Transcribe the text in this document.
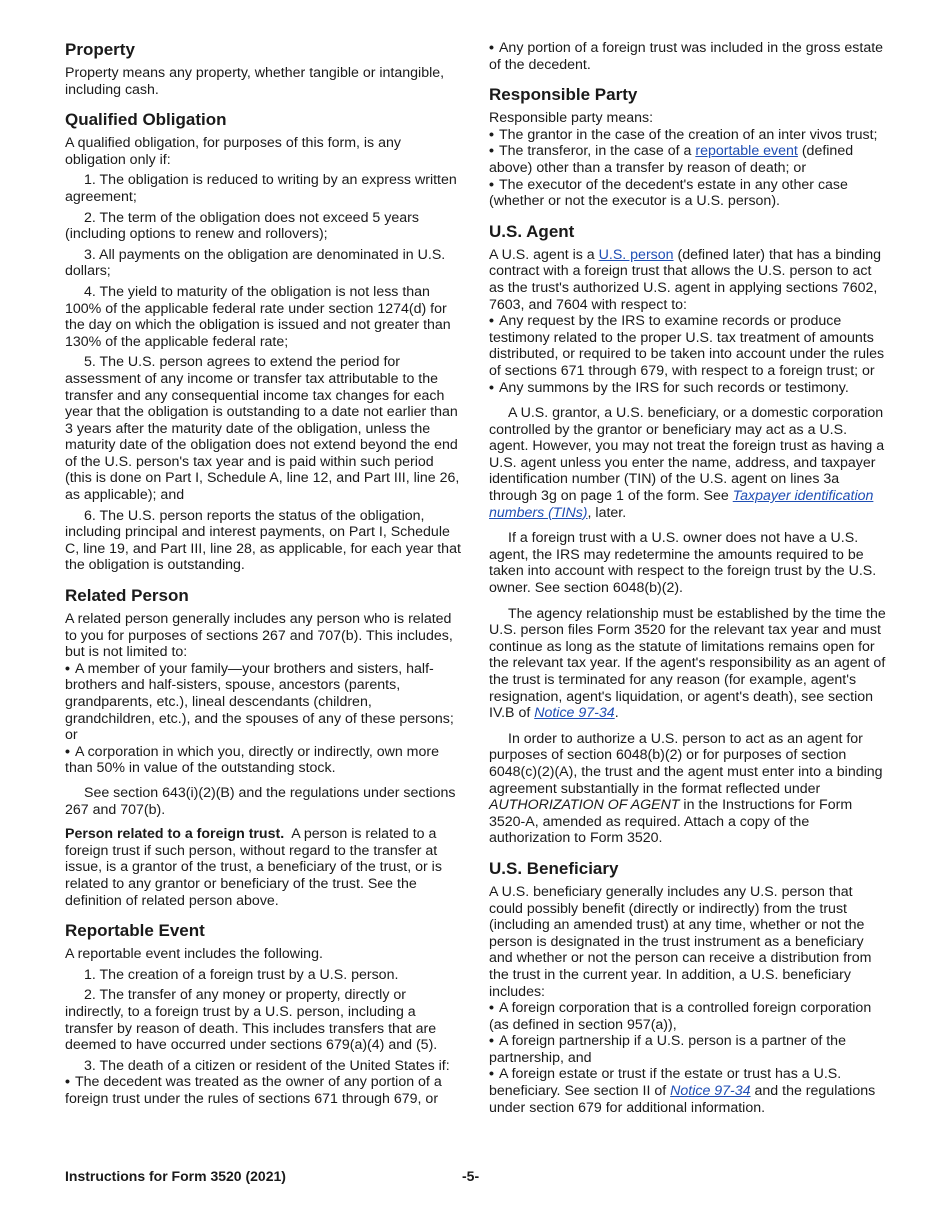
Property

Property means any property, whether tangible or intangible, including cash.

Qualified Obligation

A qualified obligation, for purposes of this form, is any obligation only if:

1. The obligation is reduced to writing by an express written agreement;

2. The term of the obligation does not exceed 5 years (including options to renew and rollovers);

3. All payments on the obligation are denominated in U.S. dollars;

4. The yield to maturity of the obligation is not less than 100% of the applicable federal rate under section 1274(d) for the day on which the obligation is issued and not greater than 130% of the applicable federal rate;

5. The U.S. person agrees to extend the period for assessment of any income or transfer tax attributable to the transfer and any consequential income tax changes for each year that the obligation is outstanding to a date not earlier than 3 years after the maturity date of the obligation, unless the maturity date of the obligation does not extend beyond the end of the U.S. person's tax year and is paid within such period (this is done on Part I, Schedule A, line 12, and Part III, line 26, as applicable); and

6. The U.S. person reports the status of the obligation, including principal and interest payments, on Part I, Schedule C, line 19, and Part III, line 28, as applicable, for each year that the obligation is outstanding.

Related Person

A related person generally includes any person who is related to you for purposes of sections 267 and 707(b). This includes, but is not limited to:

• A member of your family—your brothers and sisters, half-brothers and half-sisters, spouse, ancestors (parents, grandparents, etc.), lineal descendants (children, grandchildren, etc.), and the spouses of any of these persons; or

• A corporation in which you, directly or indirectly, own more than 50% in value of the outstanding stock.

See section 643(i)(2)(B) and the regulations under sections 267 and 707(b).

Person related to a foreign trust. A person is related to a foreign trust if such person, without regard to the transfer at issue, is a grantor of the trust, a beneficiary of the trust, or is related to any grantor or beneficiary of the trust. See the definition of related person above.

Reportable Event

A reportable event includes the following.

1. The creation of a foreign trust by a U.S. person.

2. The transfer of any money or property, directly or indirectly, to a foreign trust by a U.S. person, including a transfer by reason of death. This includes transfers that are deemed to have occurred under sections 679(a)(4) and (5).

3. The death of a citizen or resident of the United States if:

• The decedent was treated as the owner of any portion of a foreign trust under the rules of sections 671 through 679, or

• Any portion of a foreign trust was included in the gross estate of the decedent.

Responsible Party

Responsible party means:

• The grantor in the case of the creation of an inter vivos trust;

• The transferor, in the case of a reportable event (defined above) other than a transfer by reason of death; or

• The executor of the decedent's estate in any other case (whether or not the executor is a U.S. person).

U.S. Agent

A U.S. agent is a U.S. person (defined later) that has a binding contract with a foreign trust that allows the U.S. person to act as the trust's authorized U.S. agent in applying sections 7602, 7603, and 7604 with respect to:

• Any request by the IRS to examine records or produce testimony related to the proper U.S. tax treatment of amounts distributed, or required to be taken into account under the rules of sections 671 through 679, with respect to a foreign trust; or

• Any summons by the IRS for such records or testimony.

A U.S. grantor, a U.S. beneficiary, or a domestic corporation controlled by the grantor or beneficiary may act as a U.S. agent. However, you may not treat the foreign trust as having a U.S. agent unless you enter the name, address, and taxpayer identification number (TIN) of the U.S. agent on lines 3a through 3g on page 1 of the form. See Taxpayer identification numbers (TINs), later.

If a foreign trust with a U.S. owner does not have a U.S. agent, the IRS may redetermine the amounts required to be taken into account with respect to the foreign trust by the U.S. owner. See section 6048(b)(2).

The agency relationship must be established by the time the U.S. person files Form 3520 for the relevant tax year and must continue as long as the statute of limitations remains open for the relevant tax year. If the agent's responsibility as an agent of the trust is terminated for any reason (for example, agent's resignation, agent's liquidation, or agent's death), see section IV.B of Notice 97-34.

In order to authorize a U.S. person to act as an agent for purposes of section 6048(b)(2) or for purposes of section 6048(c)(2)(A), the trust and the agent must enter into a binding agreement substantially in the format reflected under AUTHORIZATION OF AGENT in the Instructions for Form 3520-A, amended as required. Attach a copy of the authorization to Form 3520.

U.S. Beneficiary

A U.S. beneficiary generally includes any U.S. person that could possibly benefit (directly or indirectly) from the trust (including an amended trust) at any time, whether or not the person is designated in the trust instrument as a beneficiary and whether or not the person can receive a distribution from the trust in the current year. In addition, a U.S. beneficiary includes:

• A foreign corporation that is a controlled foreign corporation (as defined in section 957(a)),

• A foreign partnership if a U.S. person is a partner of the partnership, and

• A foreign estate or trust if the estate or trust has a U.S. beneficiary. See section II of Notice 97-34 and the regulations under section 679 for additional information.

Instructions for Form 3520 (2021)	-5-
